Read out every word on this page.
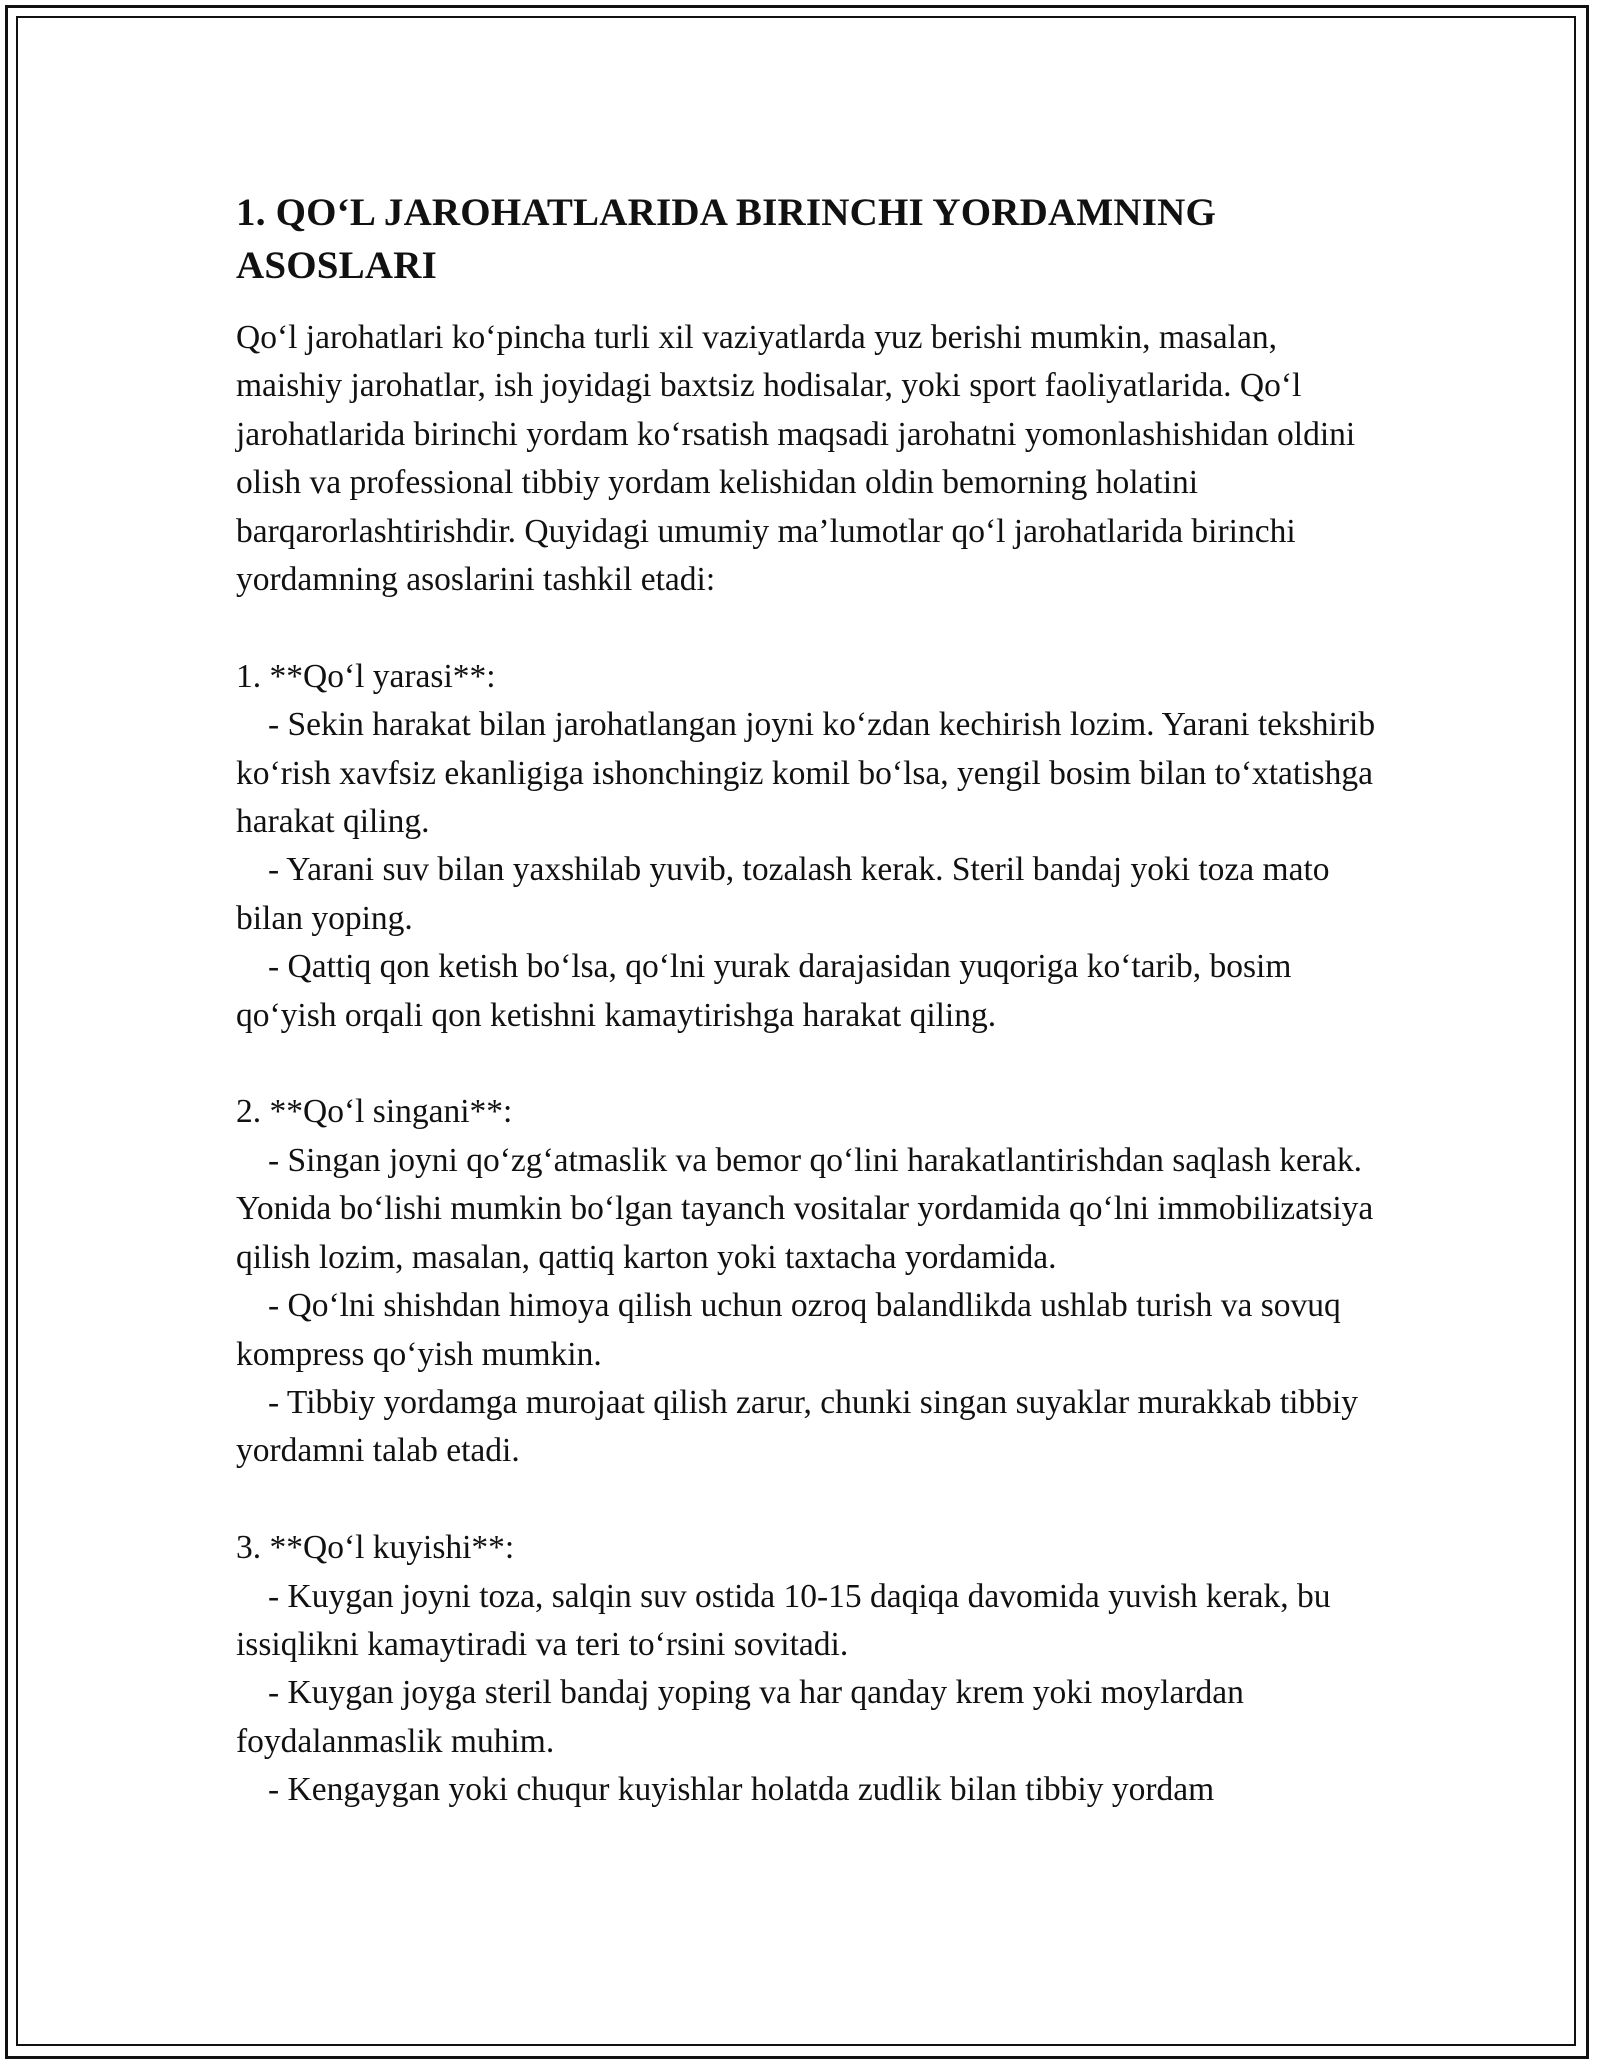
1. QO‘L JAROHATLARIDA BIRINCHI YORDAMNING
ASOSLARI

Qo‘l jarohatlari ko‘pincha turli xil vaziyatlarda yuz berishi mumkin, masalan, maishiy jarohatlar, ish joyidagi baxtsiz hodisalar, yoki sport faoliyatlarida. Qo‘l jarohatlarida birinchi yordam ko‘rsatish maqsadi jarohatni yomonlashishidan oldini olish va professional tibbiy yordam kelishidan oldin bemorning holatini barqarorlashtirishdir. Quyidagi umumiy ma’lumotlar qo‘l jarohatlarida birinchi yordamning asoslarini tashkil etadi:

1. **Qo‘l yarasi**:

- Sekin harakat bilan jarohatlangan joyni ko‘zdan kechirish lozim. Yarani tekshirib ko‘rish xavfsiz ekanligiga ishonchingiz komil bo‘lsa, yengil bosim bilan to‘xtatishga harakat qiling.

- Yarani suv bilan yaxshilab yuvib, tozalash kerak. Steril bandaj yoki toza mato bilan yoping.

- Qattiq qon ketish bo‘lsa, qo‘lni yurak darajasidan yuqoriga ko‘tarib, bosim qo‘yish orqali qon ketishni kamaytirishga harakat qiling.

2. **Qo‘l singani**:

- Singan joyni qo‘zg‘atmaslik va bemor qo‘lini harakatlantirishdan saqlash kerak. Yonida bo‘lishi mumkin bo‘lgan tayanch vositalar yordamida qo‘lni immobilizatsiya qilish lozim, masalan, qattiq karton yoki taxtacha yordamida.

- Qo‘lni shishdan himoya qilish uchun ozroq balandlikda ushlab turish va sovuq kompress qo‘yish mumkin.

- Tibbiy yordamga murojaat qilish zarur, chunki singan suyaklar murakkab tibbiy yordamni talab etadi.

3. **Qo‘l kuyishi**:

- Kuygan joyni toza, salqin suv ostida 10-15 daqiqa davomida yuvish kerak, bu issiqlikni kamaytiradi va teri to‘rsini sovitadi.

- Kuygan joyga steril bandaj yoping va har qanday krem yoki moylardan foydalanmaslik muhim.

- Kengaygan yoki chuqur kuyishlar holatda zudlik bilan tibbiy yordam
